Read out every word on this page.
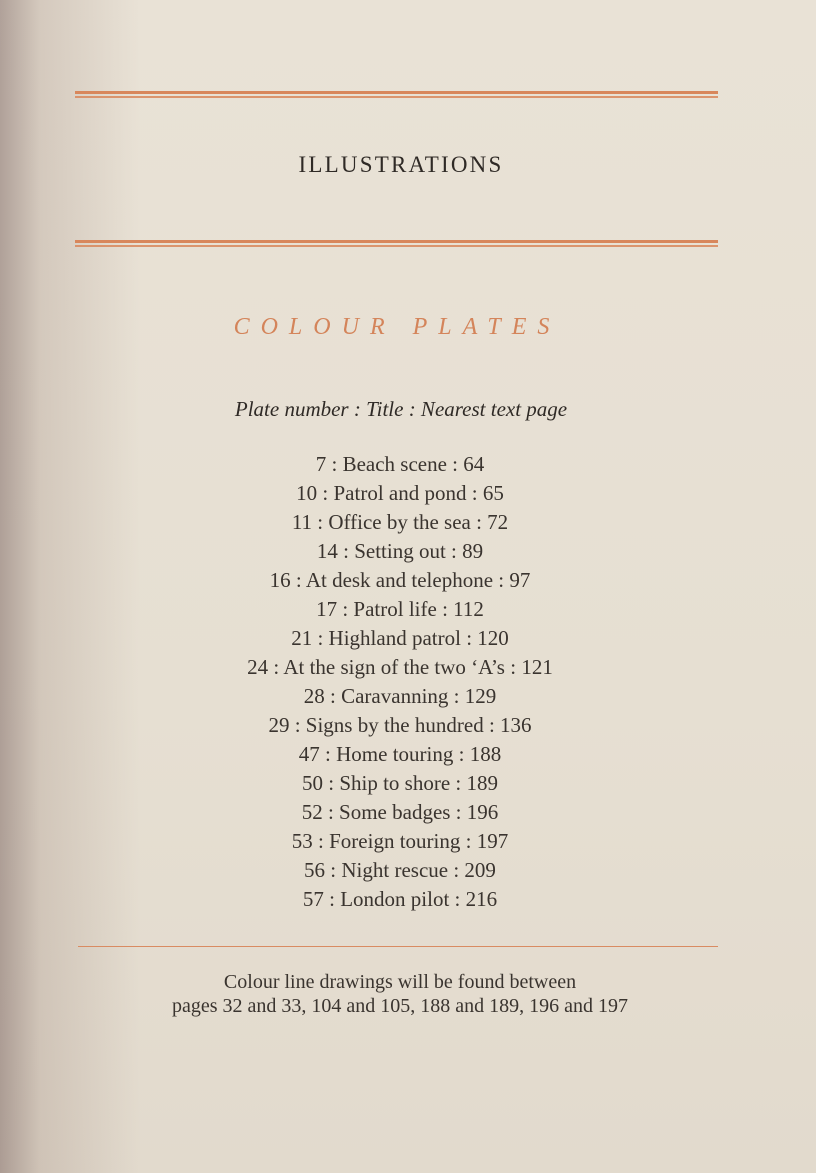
ILLUSTRATIONS
COLOUR PLATES
Plate number : Title : Nearest text page
7 : Beach scene : 64
10 : Patrol and pond : 65
11 : Office by the sea : 72
14 : Setting out : 89
16 : At desk and telephone : 97
17 : Patrol life : 112
21 : Highland patrol : 120
24 : At the sign of the two ‘A’s : 121
28 : Caravanning : 129
29 : Signs by the hundred : 136
47 : Home touring : 188
50 : Ship to shore : 189
52 : Some badges : 196
53 : Foreign touring : 197
56 : Night rescue : 209
57 : London pilot : 216
Colour line drawings will be found between
pages 32 and 33, 104 and 105, 188 and 189, 196 and 197
